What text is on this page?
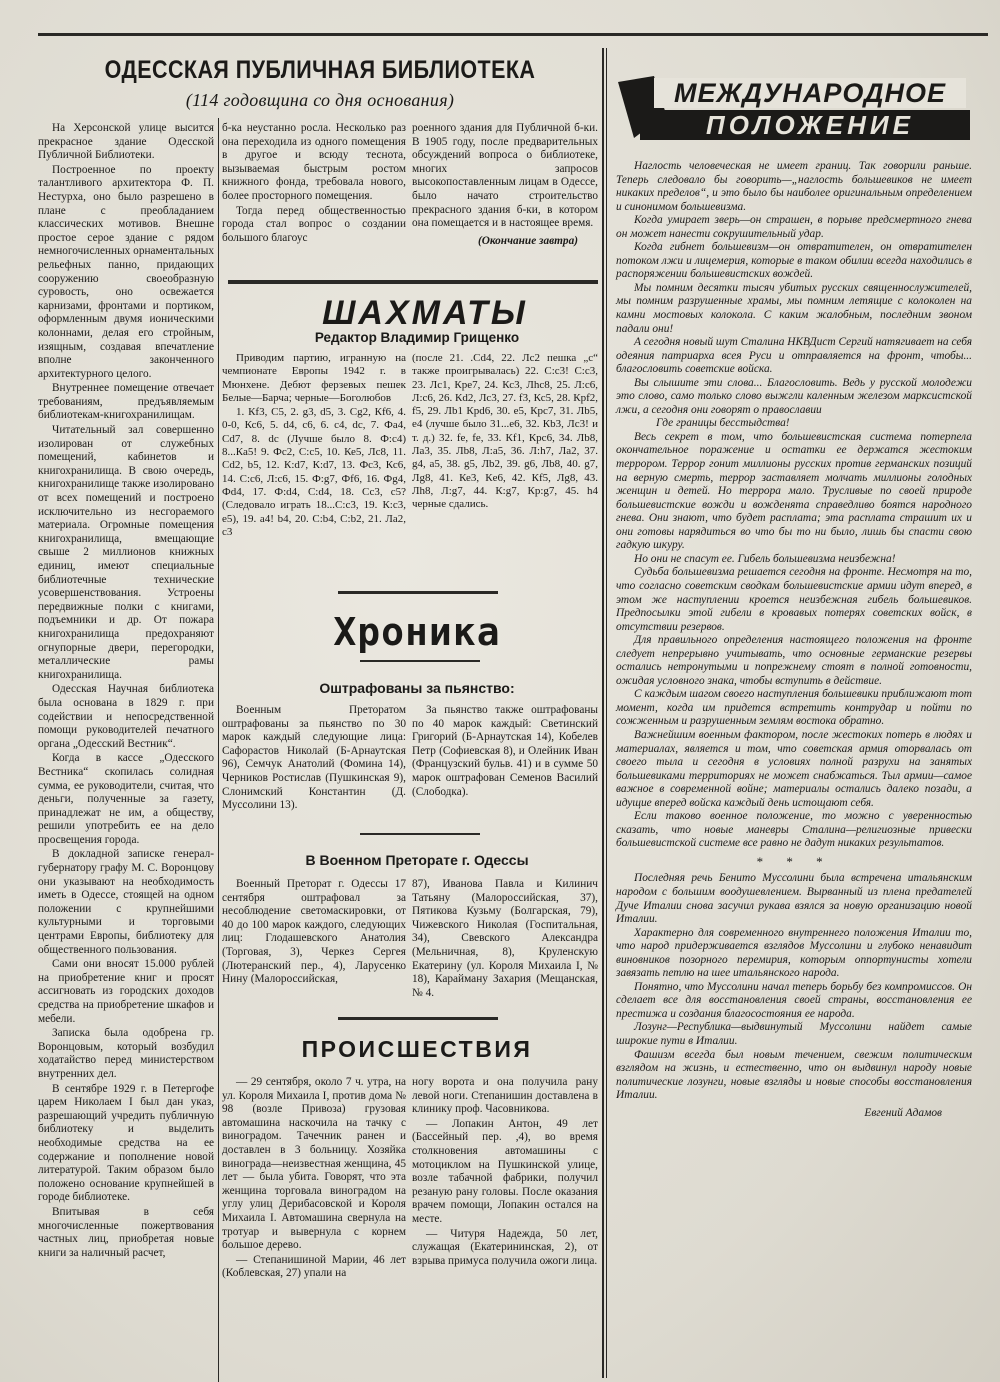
ОДЕССКАЯ ПУБЛИЧНАЯ БИБЛИОТЕКА
(114 годовщина со дня основания)

На Херсонской улице высится прекрасное здание Одесской Публичной Библиотеки.

Построенное по проекту талантливого архитектора Ф. П. Нестурха, оно было разрешено в плане с преобладанием классических мотивов. Внешне простое серое здание с рядом немногочисленных орнаментальных рельефных панно, придающих сооружению своеобразную суровость, оно освежается карнизами, фронтами и портиком, оформленным двумя ионическими колоннами, делая его стройным, изящным, создавая впечатление вполне законченного архитектурного целого.

Внутреннее помещение отвечает требованиям, предъявляемым библиотекам-книгохранилищам.

Читательный зал совершенно изолирован от служебных помещений, кабинетов и книгохранилища. В свою очередь, книгохранилище также изолировано от всех помещений и построено исключительно из несгораемого материала. Огромные помещения книгохранилища, вмещающие свыше 2 миллионов книжных единиц, имеют специальные библиотечные технические усовершенствования. Устроены передвижные полки с книгами, подъемники и др. От пожара книгохранилища предохраняют огнупорные двери, перегородки, металлические рамы книгохранилища.

Одесская Научная библиотека была основана в 1829 г. при содействии и непосредственной помощи руководителей печатного органа „Одесский Вестник“.

Когда в кассе „Одесского Вестника“ скопилась солидная сумма, ее руководители, считая, что деньги, полученные за газету, принадлежат не им, а обществу, решили употребить ее на дело просвещения города.

В докладной записке генерал-губернатору графу М. С. Воронцову они указывают на необходимость иметь в Одессе, стоящей на одном положении с крупнейшими культурными и торговыми центрами Европы, библиотеку для общественного пользования.

Сами они вносят 15.000 рублей на приобретение книг и просят ассигновать из городских доходов средства на приобретение шкафов и мебели.

Записка была одобрена гр. Воронцовым, который возбудил ходатайство перед министерством внутренних дел.

В сентябре 1929 г. в Петергофе царем Николаем I был дан указ, разрешающий учредить публичную библиотеку и выделить необходимые средства на ее содержание и пополнение новой литературой. Таким образом было положено основание крупнейшей в городе библиотеке.

Впитывая в себя многочисленные пожертвования частных лиц, приобретая новые книги за наличный расчет,

б-ка неустанно росла. Несколько раз она переходила из одного помещения в другое и всюду теснота, вызываемая быстрым ростом книжного фонда, требовала нового, более просторного помещения.

Тогда перед общественностью города стал вопрос о создании большого благоус

роенного здания для Публичной б-ки. В 1905 году, после предварительных обсуждений вопроса о библиотеке, многих запросов высокопоставленным лицам в Одессе, было начато строительство прекрасного здания б-ки, в котором она помещается и в настоящее время.

(Окончание завтра)

ШАХМАТЫ
Редактор Владимир Грищенко

Приводим партию, игранную на чемпионате Европы 1942 г. в Мюнхене. Дебют ферзевых пешек Белые—Барча; черные—Боголюбов

1. Кf3, С5, 2. g3, d5, 3. Сg2, Кf6, 4. 0-0, Кс6, 5. d4, с6, 6. с4, dc, 7. Фа4, Сd7, 8. dс (Лучше было 8. Ф:с4) 8...Ка5! 9. Фс2, С:с5, 10. Ке5, Лс8, 11. Сd2, b5, 12. К:d7, К:d7, 13. Фс3, Кс6, 14. С:с6, Л:с6, 15. Ф:g7, Фf6, 16. Фg4, Фd4, 17. Ф:d4, С:d4, 18. Сс3, с5? (Следовало играть 18...С:с3, 19. К:с3, е5), 19. а4! b4, 20. С:b4, С:b2, 21. Ла2, с3

(после 21. .Сd4, 22. Лс2 пешка „с“ также проигрывалась) 22. С:с3! С:с3, 23. Лс1, Кре7, 24. Кс3, Лhс8, 25. Л:с6, Л:с6, 26. Кd2, Лс3, 27. f3, Кс5, 28. Крf2, f5, 29. Лb1 Крd6, 30. е5, Крс7, 31. Лb5, е4 (лучше было 31...е6, 32. Кb3, Лс3! и т. д.) 32. fе, fе, 33. Кf1, Крс6, 34. Лb8, Ла3, 35. Лb8, Л:а5, 36. Л:h7, Ла2, 37. g4, а5, 38. g5, Лb2, 39. g6, Лb8, 40. g7, Лg8, 41. Ке3, Кe6, 42. Кf5, Лg8, 43. Лh8, Л:g7, 44. К:g7, Кр:g7, 45. h4 черные сдались.

Хроника
Оштрафованы за пьянство:

Военным Преторатом оштрафованы за пьянство по 30 марок каждый следующие лица: Сафорастов Николай (Б-Арнаутская 96), Семчук Анатолий (Фомина 14), Черников Ростислав (Пушкинская 9), Слонимский Константин (Д. Муссолини 13).

За пьянство также оштрафованы по 40 марок каждый: Светинский Григорий (Б-Арнаутская 14), Кобелев Петр (Софиевская 8), и Олейник Иван (Французский бульв. 41) и в сумме 50 марок оштрафован Семенов Василий (Слободка).

В Военном Преторате г. Одессы

Военный Преторат г. Одессы 17 сентября оштрафовал за несоблюдение светомаскировки, от 40 до 100 марок каждого, следующих лиц: Глодашевского Анатолия (Торговая, 3), Черкез Сергея (Лютеранский пер., 4), Ларусенко Нину (Малороссийская,

87), Иванова Павла и Килинич Татьяну (Малороссийская, 37), Пятикова Кузьму (Болгарская, 79), Чижевского Николая (Госпитальная, 34), Свевского Александра (Мельничная, 8), Круленскую Екатерину (ул. Короля Михаила I, № 18), Карайману Захария (Мещанская, № 4.

ПРОИСШЕСТВИЯ

— 29 сентября, около 7 ч. утра, на ул. Короля Михаила I, против дома № 98 (возле Привоза) грузовая автомашина наскочила на тачку с виноградом. Тачечник ранен и доставлен в 3 больницу. Хозяйка винограда—неизвестная женщина, 45 лет — была убита. Говорят, что эта женщина торговала виноградом на углу улиц Дерибасовской и Короля Михаила I. Автомашина свернула на тротуар и вывернула с корнем большое дерево.

— Степанишиной Марии, 46 лет (Коблевская, 27) упали на

ногу ворота и она получила рану левой ноги. Степанишин доставлена в клинику проф. Часовникова.

— Лопакин Антон, 49 лет (Бассейный пер. ,4), во время столкновения автомашины с мотоциклом на Пушкинской улице, возле табачной фабрики, получил резаную рану головы. После оказания врачем помощи, Лопакин остался на месте.

— Читуря Надежда, 50 лет, служащая (Екатерининская, 2), от взрыва примуса получила ожоги лица.

МЕЖДУНАРОДНОЕ
ПОЛОЖЕНИЕ

Наглость человеческая не имеет границ. Так говорили раньше. Теперь следовало бы говорить—„наглость большевиков не имеет никаких пределов“, и это было бы наиболее оригинальным определением и синонимом большевизма.

Когда умирает зверь—он страшен, в порыве предсмертного гнева он может нанести сокрушительный удар.

Когда гибнет большевизм—он отвратителен, он отвратителен потоком лжи и лицемерия, которые в таком обилии всегда находились в распоряжении большевистских вождей.

Мы помним десятки тысяч убитых русских священнослужителей, мы помним разрушенные храмы, мы помним летящие с колоколен на камни мостовых колокола. С каким жалобным, последним звоном падали они!

А сегодня новый шут Сталина НКВДист Сергий натягивает на себя одеяния патриарха всея Руси и отправляется на фронт, чтобы... благословить советские войска.

Вы слышите эти слова... Благословить. Ведь у русской молодежи это слово, само только слово выжгли каленным железом марксистской лжи, а сегодня они говорят о православии

Где границы бесстыдства!

Весь секрет в том, что большевистская система потерпела окончательное поражение и остатки ее держатся жестоким террором. Террор гонит миллионы русских против германских позиций на верную смерть, террор заставляет молчать миллионы голодных женщин и детей. Но террора мало. Трусливые по своей природе большевистские вожди и вожденята справедливо боятся народного гнева. Они знают, что будет расплата; эта расплата страшит их и они готовы нарядиться во что бы то ни было, лишь бы спасти свою гадкую шкуру.

Но они не спасут ее. Гибель большевизма неизбежна!

Судьба большевизма решается сегодня на фронте. Несмотря на то, что согласно советским сводкам большевистские армии идут вперед, в этом же наступлении кроется неизбежная гибель большевиков. Предпосылки этой гибели в кровавых потерях советских войск, в отсутствии резервов.

Для правильного определения настоящего положения на фронте следует непрерывно учитывать, что основные германские резервы остались нетронутыми и попрежнему стоят в полной готовности, ожидая условного знака, чтобы вступить в действие.

С каждым шагом своего наступления большевики приближают тот момент, когда им придется встретить контрудар и пойти по сожженным и разрушенным землям востока обратно.

Важнейшим военным фактором, после жестоких потерь в людях и материалах, является и том, что советская армия оторвалась от своего тыла и сегодня в условиях полной разрухи на занятых большевиками территориях не может снабжаться. Тыл армии—самое важное в современной войне; материалы остались далеко позади, а идущие вперед войска каждый день истощают себя.

Если таково военное положение, то можно с уверенностью сказать, что новые маневры Сталина—религиозные привески большевистской системе все равно не дадут никаких результатов.

* * *

Последняя речь Бенито Муссолини была встречена итальянским народом с большим воодушевлением. Вырванный из плена предателей Дуче Италии снова засучил рукава взялся за новую организацию новой Италии.

Характерно для современного внутреннего положения Италии то, что народ придерживается взглядов Муссолини и глубоко ненавидит виновников позорного перемирия, которым оппортунисты хотели завязать петлю на шее итальянского народа.

Понятно, что Муссолини начал теперь борьбу без компромиссов. Он сделает все для восстановления своей страны, восстановления ее престижа и создания благосостояния ее народа.

Лозунг—Республика—выдвинутый Муссолини найдет самые широкие пути в Италии.

Фашизм всегда был новым течением, свежим политическим взглядом на жизнь, и естественно, что он выдвинул народу новые политические лозунги, новые взгляды и новые способы восстановления Италии.

Евгений Адамов
